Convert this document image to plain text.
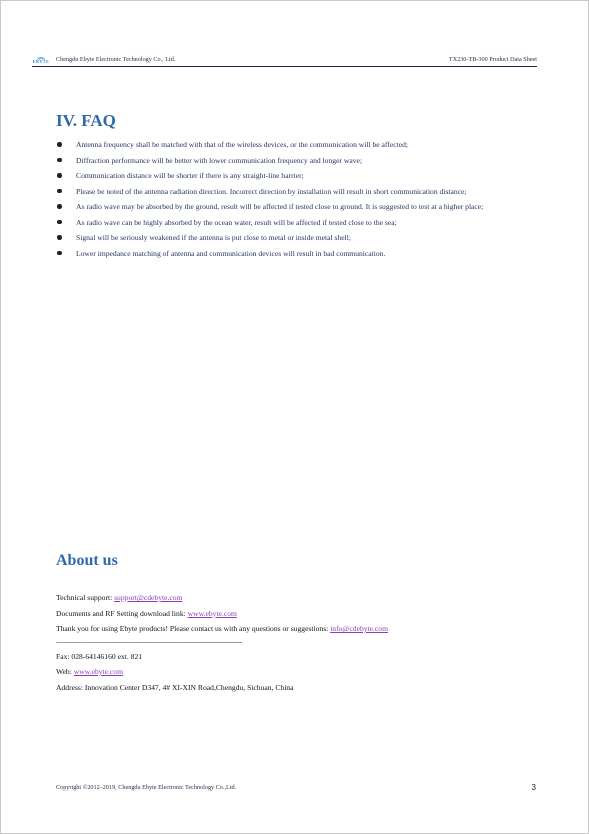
EBYTE Chengdu Ebyte Electronic Technology Co., Ltd.	TX230-TB-300 Product Data Sheet
IV. FAQ
Antenna frequency shall be matched with that of the wireless devices, or the communication will be affected;
Diffraction performance will be better with lower communication frequency and longer wave;
Communication distance will be shorter if there is any straight-line barrier;
Please be noted of the antenna radiation direction. Incorrect direction by installation will result in short communication distance;
As radio wave may be absorbed by the ground, result will be affected if tested close to ground. It is suggested to test at a higher place;
As radio wave can be highly absorbed by the ocean water, result will be affected if tested close to the sea;
Signal will be seriously weakened if the antenna is put close to metal or inside metal shell;
Lower impedance matching of antenna and communication devices will result in bad communication.
About us
Technical support: support@cdebyte.com
Documents and RF Setting download link: www.ebyte.com
Thank you for using Ebyte products! Please contact us with any questions or suggestions: info@cdebyte.com
----------------------------------------------------------------------------------------------------------------------------
Fax: 028-64146160 ext. 821
Web: www.ebyte.com
Address: Innovation Center D347, 4# XI-XIN Road,Chengdu, Sichuan, China
Copyright ©2012–2019, Chengdu Ebyte Electronic Technology Co.,Ltd.	3
